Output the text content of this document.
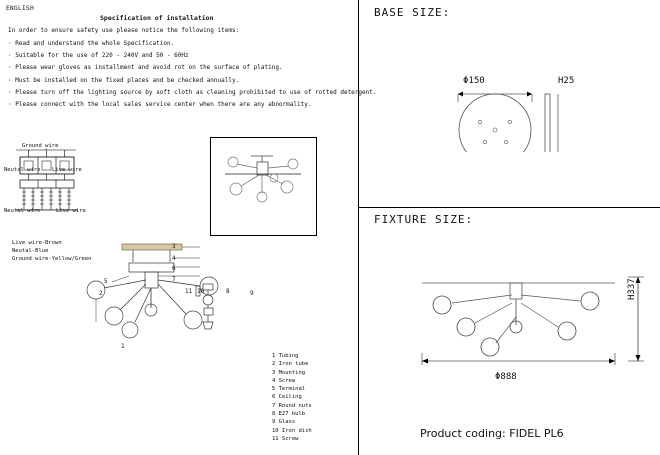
ENGLISH
Specification of installation
In order to ensure safety use please notice the following items:
· Read and understand the whole Specification.
· Suitable for the use of 220 - 240V and 50 - 60Hz
· Please wear gloves as installment and avoid rot on the surface of plating.
· Must be installed on the fixed places and be checked annually.
· Please turn off the lighting source by soft cloth as cleaning prohibited to use of rotted detergent.
· Please connect with the local sales service center when there are any abnormality.
Ground wire
Neutal wire Live wire
Neutal wire	Live wire
Live wire-Brown
Neutal-Blue
Ground wire-Yellow/Green
3
4
6
7
5
2
1
11 10	8	9
1 Tubing
2 Iron tube
3 Mounting
4 Screw
5 Terminal
6 Ceiling
7 Round nuts
8 E27 bulb
9 Glass
10 Iron dish
11 Screw
BASE SIZE:
Φ150	H25
FIXTURE SIZE:
Φ888
H337
Product coding: FIDEL PL6
